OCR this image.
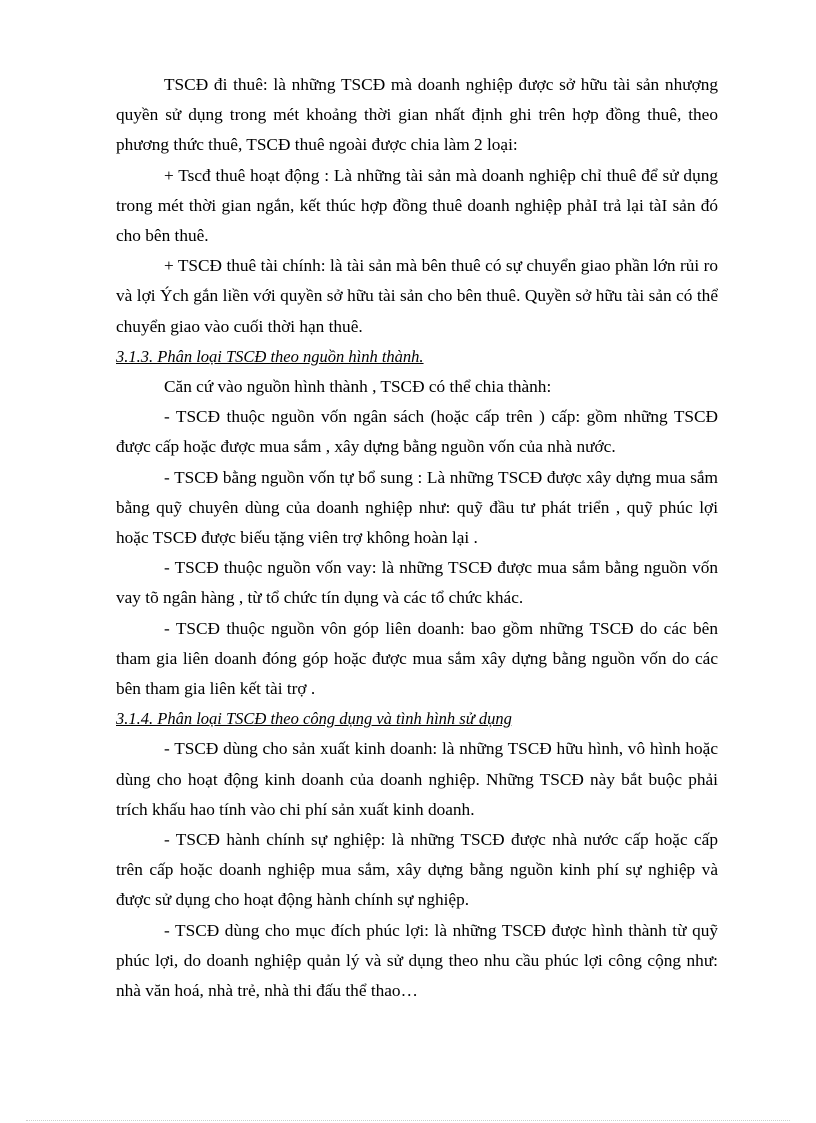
TSCĐ đi thuê: là những TSCĐ mà doanh nghiệp được sở hữu tài sản nhượng quyền sử dụng trong mét khoảng thời gian nhất định ghi trên hợp đồng thuê, theo phương thức thuê, TSCĐ thuê ngoài được chia làm 2 loại:

+ Tscđ thuê hoạt động : Là những tài sản mà doanh nghiệp chỉ thuê để sử dụng trong mét thời gian ngắn, kết thúc hợp đồng thuê doanh nghiệp phảI trả lại tàI sản đó cho bên thuê.

+ TSCĐ thuê tài chính: là tài sản mà bên thuê có sự chuyển giao phần lớn rủi ro và lợi Ých gắn liền với quyền sở hữu tài sản cho bên thuê. Quyền sở hữu tài sản có thể chuyển giao vào cuối thời hạn thuê.

3.1.3. Phân loại TSCĐ theo nguồn hình thành.

Căn cứ vào nguồn hình thành , TSCĐ có thể chia thành:

- TSCĐ thuộc nguồn vốn ngân sách (hoặc cấp trên ) cấp: gồm những TSCĐ được cấp hoặc được mua sắm , xây dựng bằng nguồn vốn của nhà nước.

- TSCĐ bằng nguồn vốn tự bổ sung : Là những TSCĐ được xây dựng mua sắm bằng quỹ chuyên dùng của doanh nghiệp như: quỹ đầu tư phát triển , quỹ phúc lợi hoặc TSCĐ được biếu tặng viên trợ không hoàn lại .

- TSCĐ thuộc nguồn vốn vay: là những TSCĐ được mua sắm bằng nguồn vốn vay tõ ngân hàng , từ tổ chức tín dụng và các tổ chức khác.

- TSCĐ thuộc nguồn vôn góp liên doanh: bao gồm những TSCĐ do các bên tham gia liên doanh đóng góp hoặc được mua sắm xây dựng bằng nguồn vốn do các bên tham gia liên kết tài trợ .

3.1.4. Phân loại TSCĐ theo công dụng và tình hình sử dụng

- TSCĐ dùng cho sản xuất kinh doanh: là những TSCĐ hữu hình, vô hình hoặc dùng cho hoạt động kinh doanh của doanh nghiệp. Những TSCĐ này bắt buộc phải trích khấu hao tính vào chi phí sản xuất kinh doanh.

- TSCĐ hành chính sự nghiệp: là những TSCĐ được nhà nước cấp hoặc cấp trên cấp hoặc doanh nghiệp mua sắm, xây dựng bằng nguồn kinh phí sự nghiệp và được sử dụng cho hoạt động hành chính sự nghiệp.

- TSCĐ dùng cho mục đích phúc lợi: là những TSCĐ được hình thành từ quỹ phúc lợi, do doanh nghiệp quản lý và sử dụng theo nhu cầu phúc lợi công cộng như: nhà văn hoá, nhà trẻ, nhà thi đấu thể thao…
